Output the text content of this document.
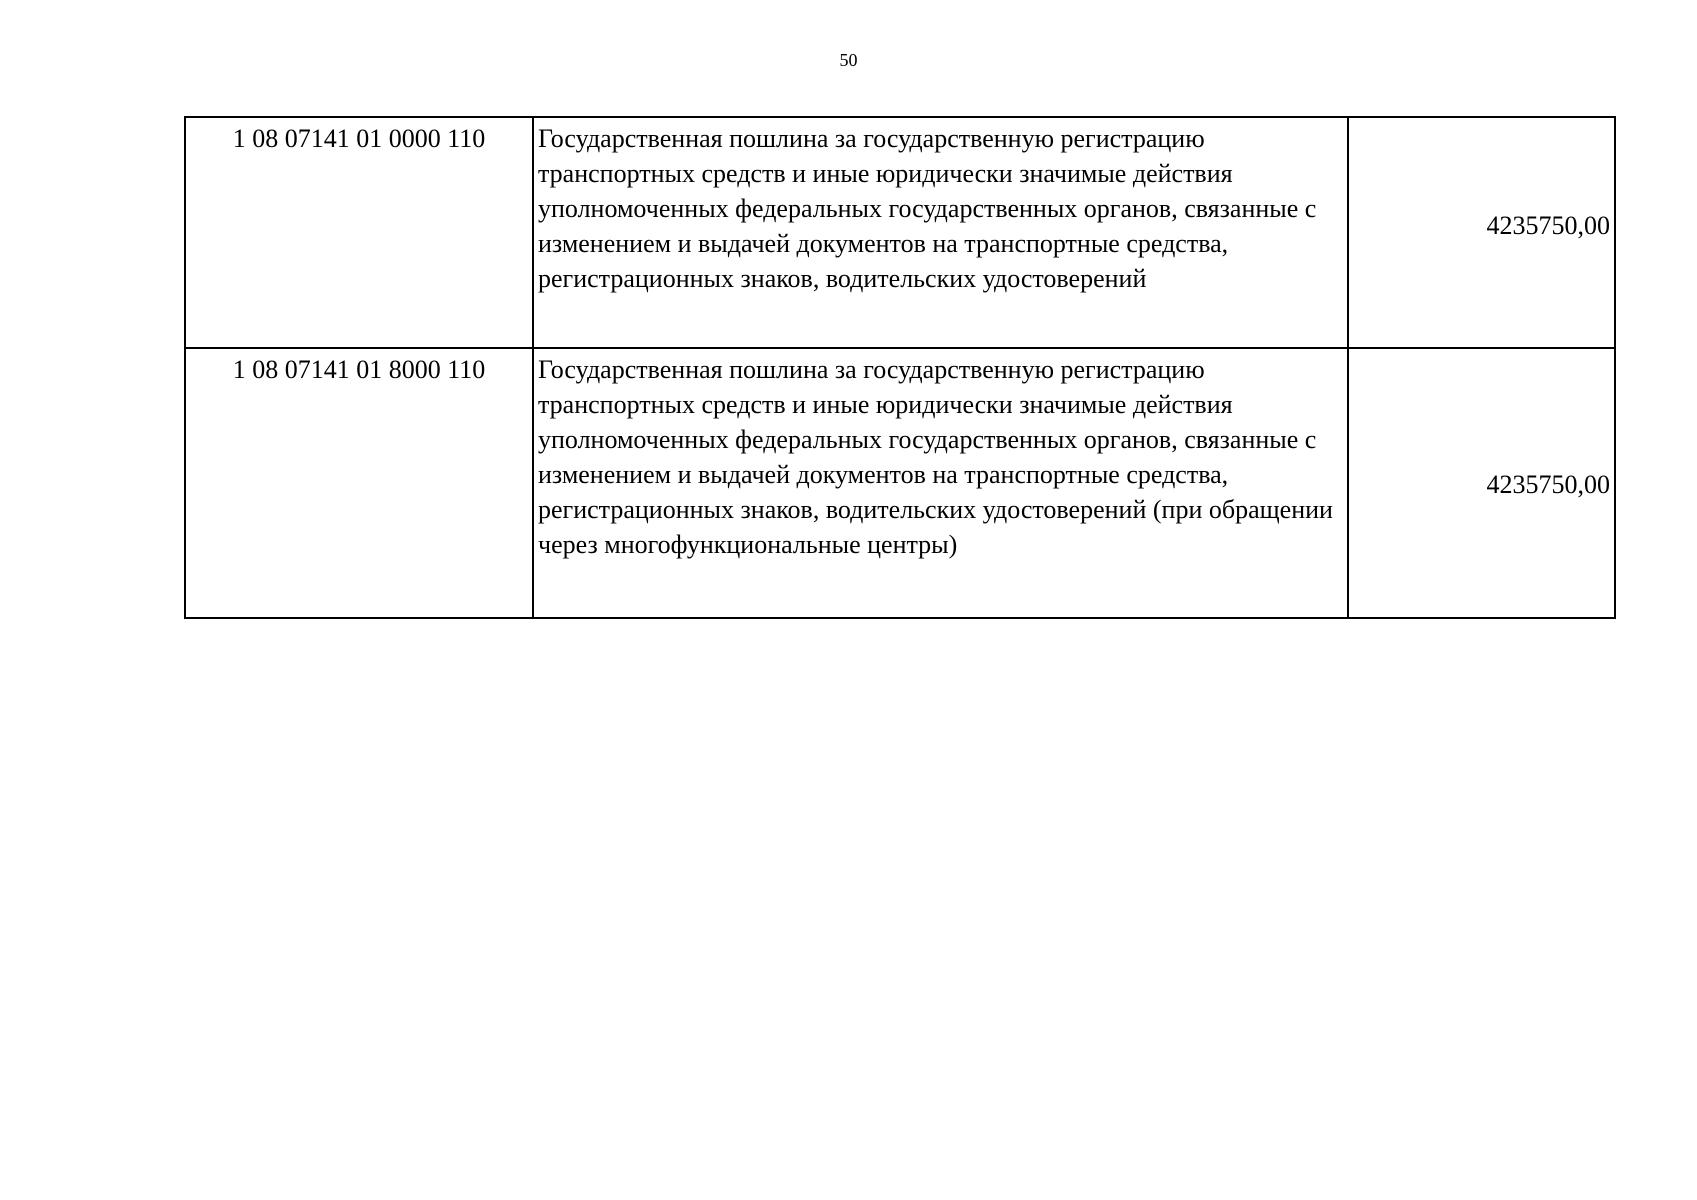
50
1 08 07141 01 0000 110	Государственная пошлина за государственную регистрацию транспортных средств и иные юридически значимые действия уполномоченных федеральных государственных органов, связанные с изменением и выдачей документов на транспортные средства, регистрационных знаков, водительских удостоверений	4235750,00
1 08 07141 01 8000 110	Государственная пошлина за государственную регистрацию транспортных средств и иные юридически значимые действия уполномоченных федеральных государственных органов, связанные с изменением и выдачей документов на транспортные средства, регистрационных знаков, водительских удостоверений (при обращении через многофункциональные центры)	4235750,00
